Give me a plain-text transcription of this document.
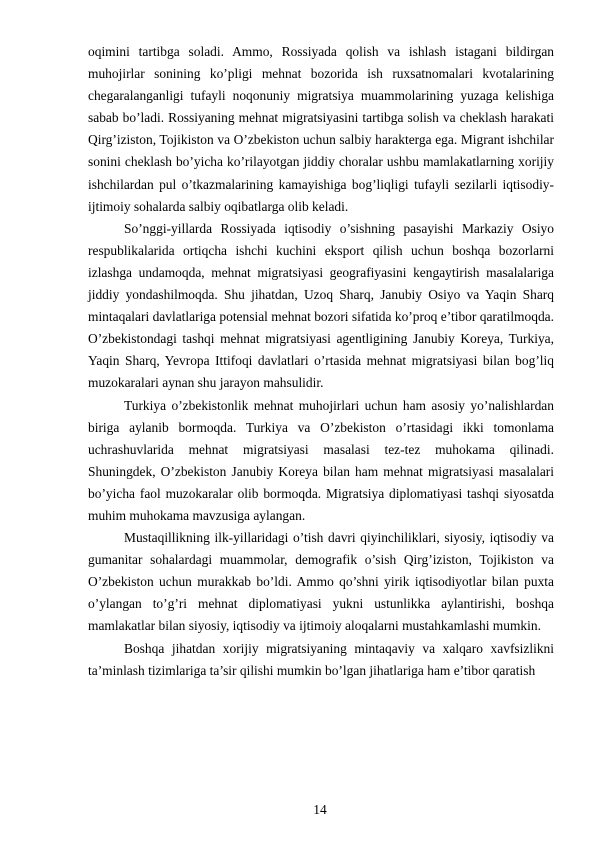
oqimini tartibga soladi. Ammo, Rossiyada qolish va ishlash istagani bildirgan muhojirlar sonining ko’pligi mehnat bozorida ish ruxsatnomalari kvotalarining chegaralanganligi tufayli noqonuniy migratsiya muammolarining yuzaga kelishiga sabab bo’ladi. Rossiyaning mehnat migratsiyasini tartibga solish va cheklash harakati Qirg’iziston, Tojikiston va O’zbekiston uchun salbiy harakterga ega. Migrant ishchilar sonini cheklash bo’yicha ko’rilayotgan jiddiy choralar ushbu mamlakatlarning xorijiy ishchilardan pul o’tkazmalarining kamayishiga bog’liqligi tufayli sezilarli iqtisodiy-ijtimoiy sohalarda salbiy oqibatlarga olib keladi.

So’nggi-yillarda Rossiyada iqtisodiy o’sishning pasayishi Markaziy Osiyo respublikalarida ortiqcha ishchi kuchini eksport qilish uchun boshqa bozorlarni izlashga undamoqda, mehnat migratsiyasi geografiyasini kengaytirish masalalariga jiddiy yondashilmoqda. Shu jihatdan, Uzoq Sharq, Janubiy Osiyo va Yaqin Sharq mintaqalari davlatlariga potensial mehnat bozori sifatida ko’proq e’tibor qaratilmoqda. O’zbekistondagi tashqi mehnat migratsiyasi agentligining Janubiy Koreya, Turkiya, Yaqin Sharq, Yevropa Ittifoqi davlatlari o’rtasida mehnat migratsiyasi bilan bog’liq muzokaralari aynan shu jarayon mahsulidir.

Turkiya o’zbekistonlik mehnat muhojirlari uchun ham asosiy yo’nalishlardan biriga aylanib bormoqda. Turkiya va O’zbekiston o’rtasidagi ikki tomonlama uchrashuvlarida mehnat migratsiyasi masalasi tez-tez muhokama qilinadi. Shuningdek, O’zbekiston Janubiy Koreya bilan ham mehnat migratsiyasi masalalari bo’yicha faol muzokaralar olib bormoqda. Migratsiya diplomatiyasi tashqi siyosatda muhim muhokama mavzusiga aylangan.

Mustaqillikning ilk-yillaridagi o’tish davri qiyinchiliklari, siyosiy, iqtisodiy va gumanitar sohalardagi muammolar, demografik o’sish Qirg’iziston, Tojikiston va O’zbekiston uchun murakkab bo’ldi. Ammo qo’shni yirik iqtisodiyotlar bilan puxta o’ylangan to’g’ri mehnat diplomatiyasi yukni ustunlikka aylantirishi, boshqa mamlakatlar bilan siyosiy, iqtisodiy va ijtimoiy aloqalarni mustahkamlashi mumkin.

Boshqa jihatdan xorijiy migratsiyaning mintaqaviy va xalqaro xavfsizlikni ta’minlash tizimlariga ta’sir qilishi mumkin bo’lgan jihatlariga ham e’tibor qaratish

14
